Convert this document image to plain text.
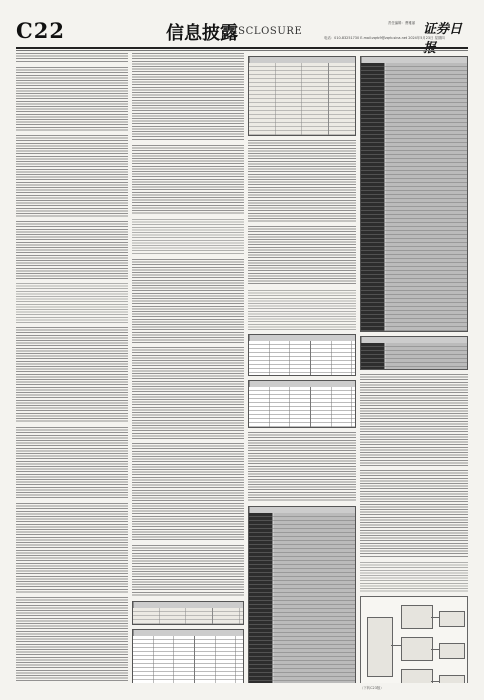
C22	信息披露
DISCLOSURE
责任编辑：曹雅丽 证券日
电话：010-83251730 E-mail:zqrb9@zqrb.sina.net 2024年5月23日 星期四
（下转C23版）
